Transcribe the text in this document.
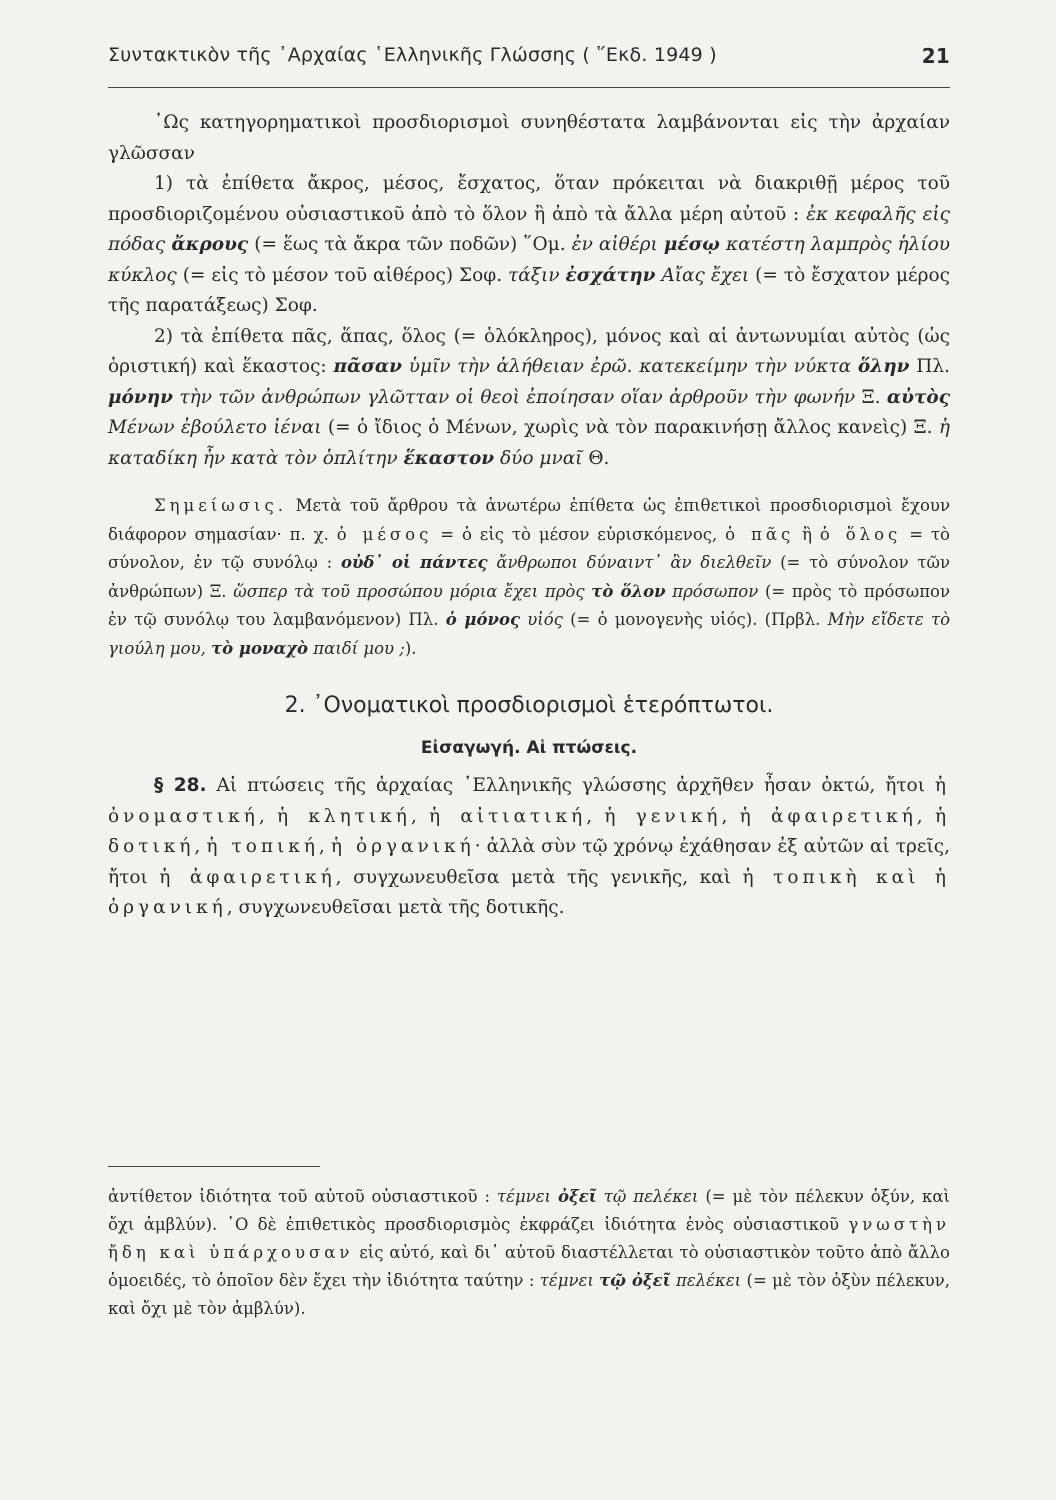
Συντακτικὸν τῆς ᾿Αρχαίας ῾Ελληνικῆς Γλώσσης ( ῞Εκδ. 1949 )	21

῾Ως κατηγορηματικοὶ προσδιορισμοὶ συνηθέστατα λαμβάνονται εἰς τὴν ἀρχαίαν γλῶσσαν

1) τὰ ἐπίθετα ἄκρος, μέσος, ἔσχατος, ὅταν πρόκειται νὰ διακριθῇ μέρος τοῦ προσδιοριζομένου οὐσιαστικοῦ ἀπὸ τὸ ὅλον ἢ ἀπὸ τὰ ἄλλα μέρη αὐτοῦ : ἐκ κεφαλῆς εἰς πόδας ἄκρους (= ἕως τὰ ἄκρα τῶν ποδῶν) ῞Ομ. ἐν αἰθέρι μέσῳ κατέστη λαμπρὸς ἡλίου κύκλος (= εἰς τὸ μέσον τοῦ αἰθέρος) Σοφ. τάξιν ἐσχάτην Αἴας ἔχει (= τὸ ἔσχατον μέρος τῆς παρατάξεως) Σοφ.

2) τὰ ἐπίθετα πᾶς, ἅπας, ὅλος (= ὁλόκληρος), μόνος καὶ αἱ ἀντωνυμίαι αὐτὸς (ὡς ὁριστική) καὶ ἕκαστος: πᾶσαν ὑμῖν τὴν ἀλήθειαν ἐρῶ. κατεκείμην τὴν νύκτα ὅλην Πλ. μόνην τὴν τῶν ἀνθρώπων γλῶτταν οἱ θεοὶ ἐποίησαν οἵαν ἀρθροῦν τὴν φωνήν Ξ. αὐτὸς Μένων ἐβούλετο ἰέναι (= ὁ ἴδιος ὁ Μένων, χωρὶς νὰ τὸν παρακινήσῃ ἄλλος κανεὶς) Ξ. ἡ καταδίκη ἦν κατὰ τὸν ὁπλίτην ἕκαστον δύο μναῖ Θ.

Σημείωσις. Μετὰ τοῦ ἄρθρου τὰ ἀνωτέρω ἐπίθετα ὡς ἐπιθετικοὶ προσδιορισμοὶ ἔχουν διάφορον σημασίαν· π. χ. ὁ μέσος = ὁ εἰς τὸ μέσον εὑρισκόμενος, ὁ πᾶς ἢ ὁ ὅλος = τὸ σύνολον, ἐν τῷ συνόλῳ : οὐδ᾿ οἱ πάντες ἄνθρωποι δύναιντ᾿ ἂν διελθεῖν (= τὸ σύνολον τῶν ἀνθρώπων) Ξ. ὥσπερ τὰ τοῦ προσώπου μόρια ἔχει πρὸς τὸ ὅλον πρόσωπον (= πρὸς τὸ πρόσωπον ἐν τῷ συνόλῳ του λαμβανόμενον) Πλ. ὁ μόνος υἱός (= ὁ μονογενὴς υἱός). (Πρβλ. Μὴν εἴδετε τὸ γιούλη μου, τὸ μοναχὸ παιδί μου ;).

2. ᾿Ονοματικοὶ προσδιορισμοὶ ἑτερόπτωτοι.
Εἰσαγωγή. Αἱ πτώσεις.

§ 28. Αἱ πτώσεις τῆς ἀρχαίας ῾Ελληνικῆς γλώσσης ἀρχῆθεν ἦσαν ὀκτώ, ἤτοι ἡ ὀνομαστική, ἡ κλητική, ἡ αἰτιατική, ἡ γενική, ἡ ἀφαιρετική, ἡ δοτική, ἡ τοπική, ἡ ὀργανική· ἀλλὰ σὺν τῷ χρόνῳ ἐχάθησαν ἐξ αὐτῶν αἱ τρεῖς, ἤτοι ἡ ἀφαιρετική, συγχωνευθεῖσα μετὰ τῆς γενικῆς, καὶ ἡ τοπικὴ καὶ ἡ ὀργανική, συγχωνευθεῖσαι μετὰ τῆς δοτικῆς.

ἀντίθετον ἰδιότητα τοῦ αὐτοῦ οὐσιαστικοῦ : τέμνει ὀξεῖ τῷ πελέκει (= μὲ τὸν πέλεκυν ὀξύν, καὶ ὄχι ἀμβλύν). ῾Ο δὲ ἐπιθετικὸς προσδιορισμὸς ἐκφράζει ἰδιότητα ἑνὸς οὐσιαστικοῦ γνωστὴν ἤδη καὶ ὑπάρχουσαν εἰς αὐτό, καὶ δι᾿ αὐτοῦ διαστέλλεται τὸ οὐσιαστικὸν τοῦτο ἀπὸ ἄλλο ὁμοειδές, τὸ ὁποῖον δὲν ἔχει τὴν ἰδιότητα ταύτην : τέμνει τῷ ὀξεῖ πελέκει (= μὲ τὸν ὀξὺν πέλεκυν, καὶ ὄχι μὲ τὸν ἀμβλύν).
